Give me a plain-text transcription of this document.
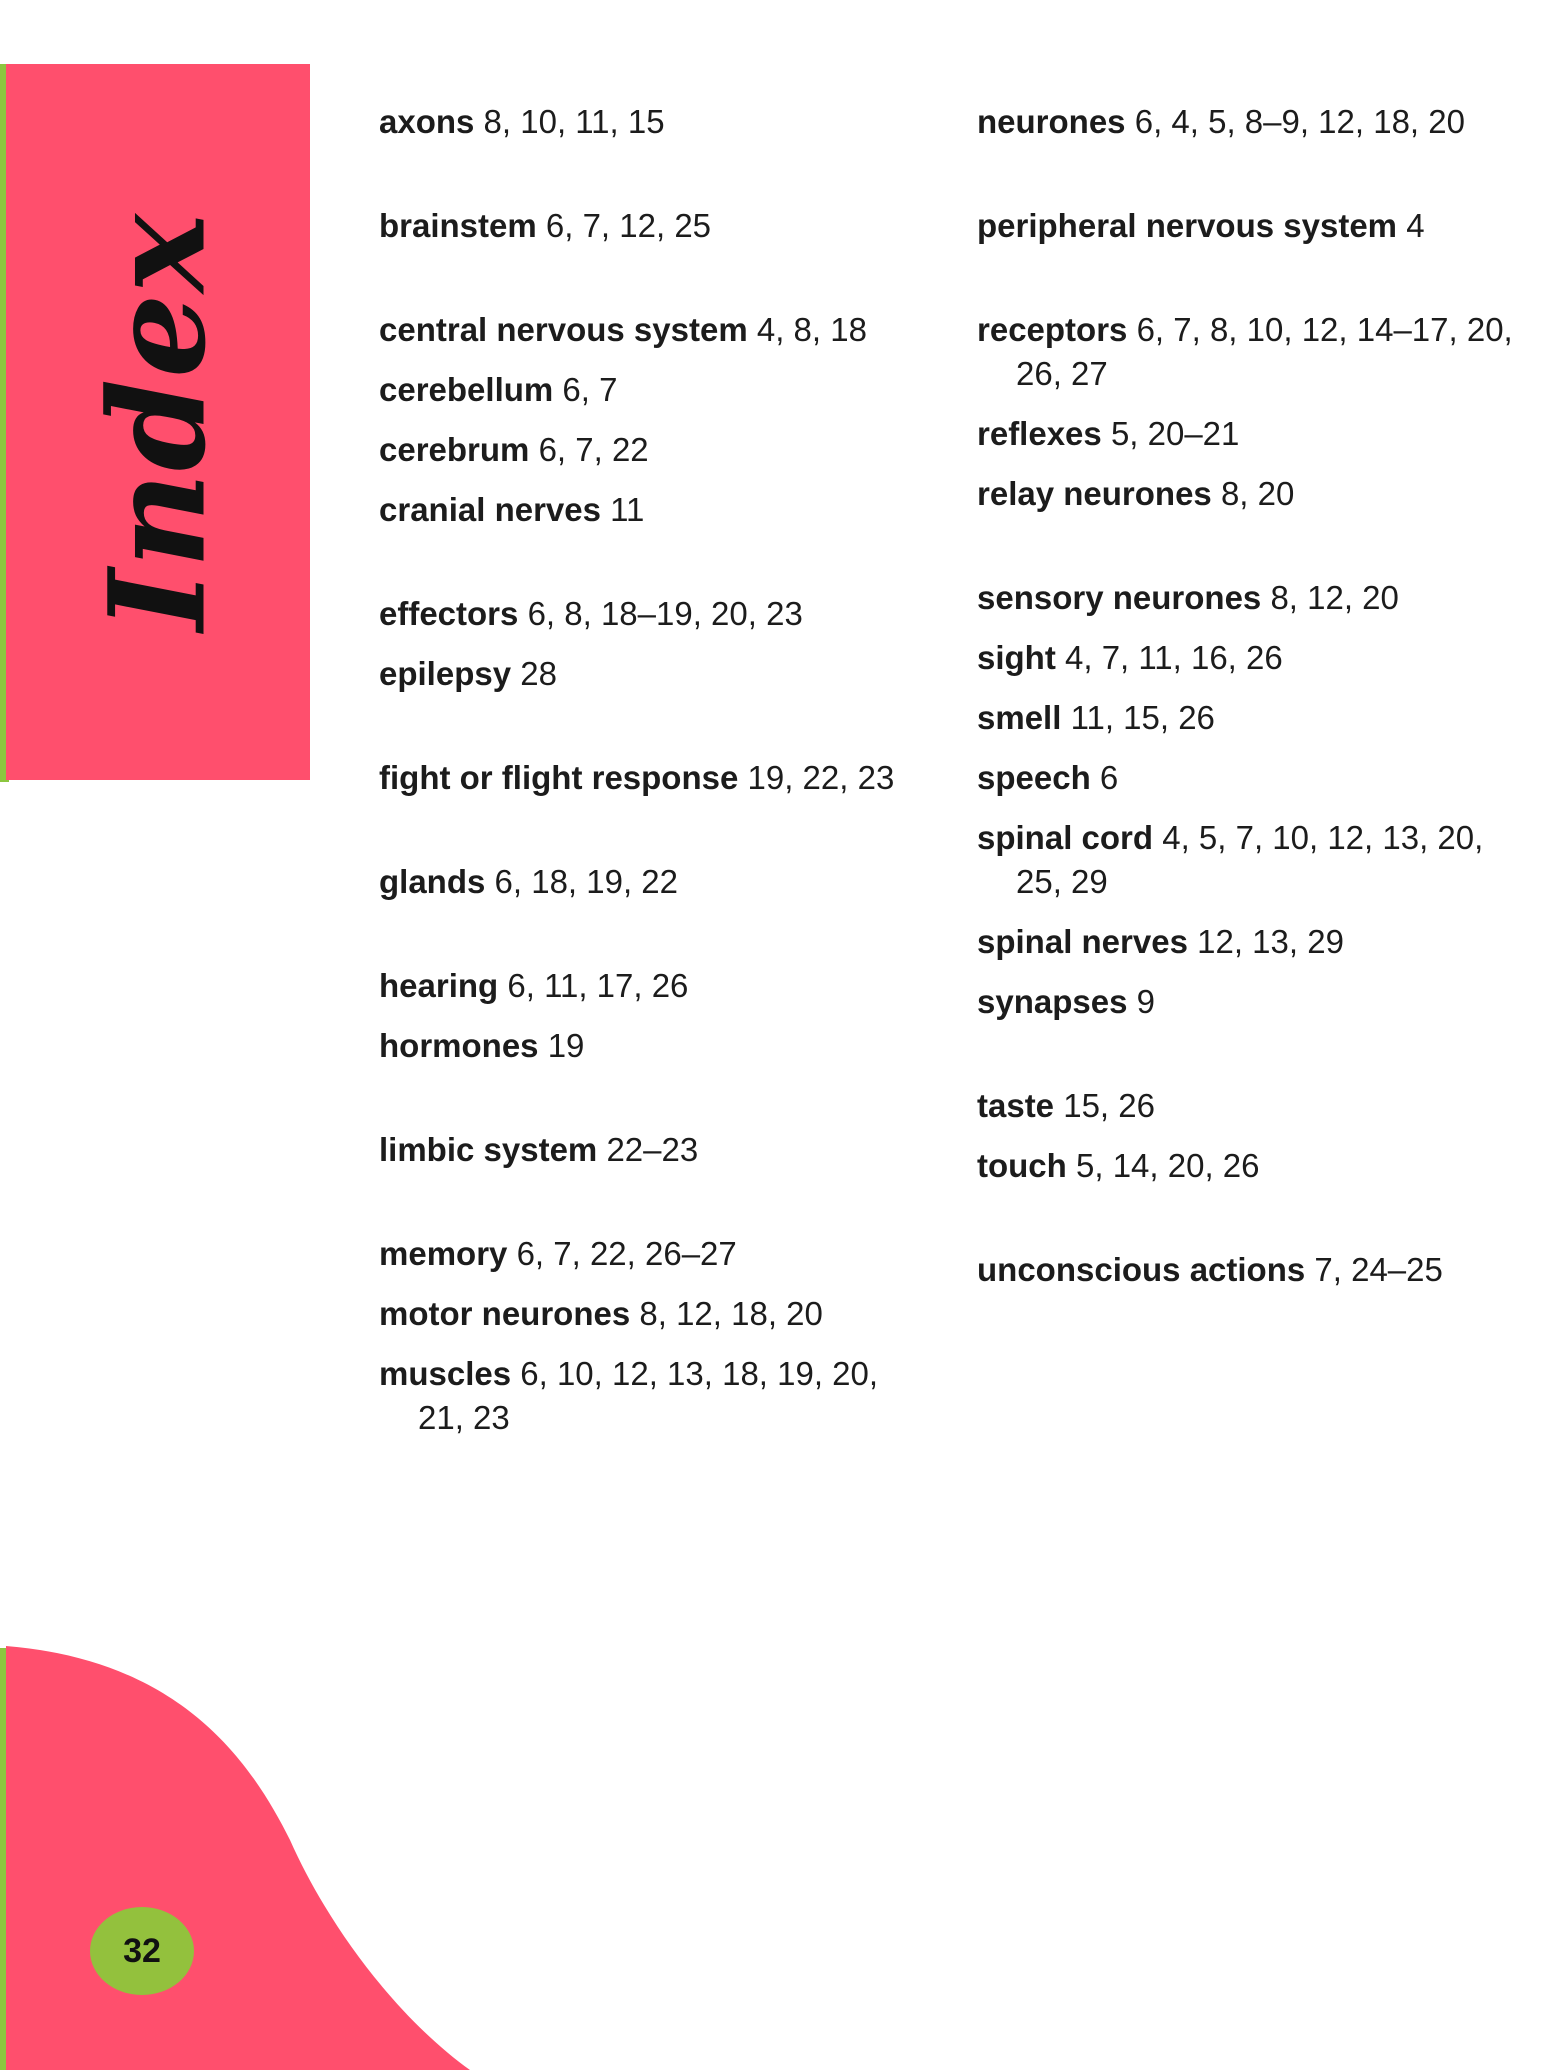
Index
32

axons 8, 10, 11, 15

brainstem 6, 7, 12, 25

central nervous system 4, 8, 18

cerebellum 6, 7

cerebrum 6, 7, 22

cranial nerves 11

effectors 6, 8, 18–19, 20, 23

epilepsy 28

fight or flight response 19, 22, 23

glands 6, 18, 19, 22

hearing 6, 11, 17, 26

hormones 19

limbic system 22–23

memory 6, 7, 22, 26–27

motor neurones 8, 12, 18, 20

muscles 6, 10, 12, 13, 18, 19, 20, 21, 23

neurones 6, 4, 5, 8–9, 12, 18, 20

peripheral nervous system 4

receptors 6, 7, 8, 10, 12, 14–17, 20, 26, 27

reflexes 5, 20–21

relay neurones 8, 20

sensory neurones 8, 12, 20

sight 4, 7, 11, 16, 26

smell 11, 15, 26

speech 6

spinal cord 4, 5, 7, 10, 12, 13, 20, 25, 29

spinal nerves 12, 13, 29

synapses 9

taste 15, 26

touch 5, 14, 20, 26

unconscious actions 7, 24–25
